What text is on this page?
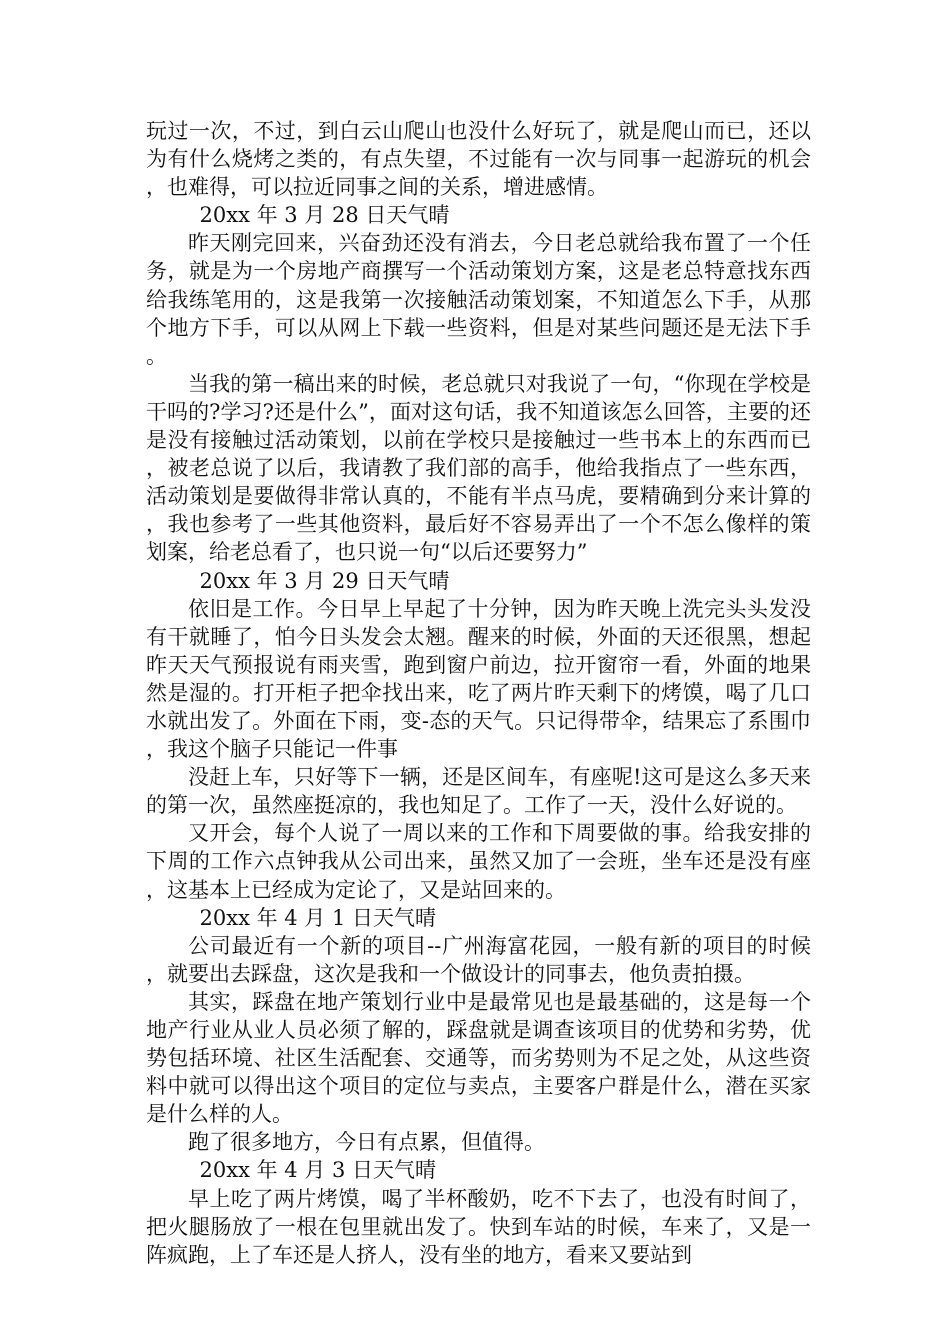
玩过一次，不过，到白云山爬山也没什么好玩了，就是爬山而已，还以为有什么烧烤之类的，有点失望，不过能有一次与同事一起游玩的机会，也难得，可以拉近同事之间的关系，增进感情。

20xx 年 3 月 28 日天气晴

昨天刚完回来，兴奋劲还没有消去，今日老总就给我布置了一个任务，就是为一个房地产商撰写一个活动策划方案，这是老总特意找东西给我练笔用的，这是我第一次接触活动策划案，不知道怎么下手，从那个地方下手，可以从网上下载一些资料，但是对某些问题还是无法下手。

当我的第一稿出来的时候，老总就只对我说了一句，“你现在学校是干吗的?学习?还是什么”，面对这句话，我不知道该怎么回答，主要的还是没有接触过活动策划，以前在学校只是接触过一些书本上的东西而已，被老总说了以后，我请教了我们部的高手，他给我指点了一些东西，活动策划是要做得非常认真的，不能有半点马虎，要精确到分来计算的，我也参考了一些其他资料，最后好不容易弄出了一个不怎么像样的策划案，给老总看了，也只说一句“以后还要努力”

20xx 年 3 月 29 日天气晴

依旧是工作。今日早上早起了十分钟，因为昨天晚上洗完头头发没有干就睡了，怕今日头发会太翘。醒来的时候，外面的天还很黑，想起昨天天气预报说有雨夹雪，跑到窗户前边，拉开窗帘一看，外面的地果然是湿的。打开柜子把伞找出来，吃了两片昨天剩下的烤馍，喝了几口水就出发了。外面在下雨，变-态的天气。只记得带伞，结果忘了系围巾，我这个脑子只能记一件事

没赶上车，只好等下一辆，还是区间车，有座呢!这可是这么多天来的第一次，虽然座挺凉的，我也知足了。工作了一天，没什么好说的。

又开会，每个人说了一周以来的工作和下周要做的事。给我安排的下周的工作六点钟我从公司出来，虽然又加了一会班，坐车还是没有座，这基本上已经成为定论了，又是站回来的。

20xx 年 4 月 1 日天气晴

公司最近有一个新的项目--广州海富花园，一般有新的项目的时候，就要出去踩盘，这次是我和一个做设计的同事去，他负责拍摄。

其实，踩盘在地产策划行业中是最常见也是最基础的，这是每一个地产行业从业人员必须了解的，踩盘就是调查该项目的优势和劣势，优势包括环境、社区生活配套、交通等，而劣势则为不足之处，从这些资料中就可以得出这个项目的定位与卖点，主要客户群是什么，潜在买家是什么样的人。

跑了很多地方，今日有点累，但值得。

20xx 年 4 月 3 日天气晴

早上吃了两片烤馍，喝了半杯酸奶，吃不下去了，也没有时间了，把火腿肠放了一根在包里就出发了。快到车站的时候，车来了，又是一阵疯跑，上了车还是人挤人，没有坐的地方，看来又要站到
